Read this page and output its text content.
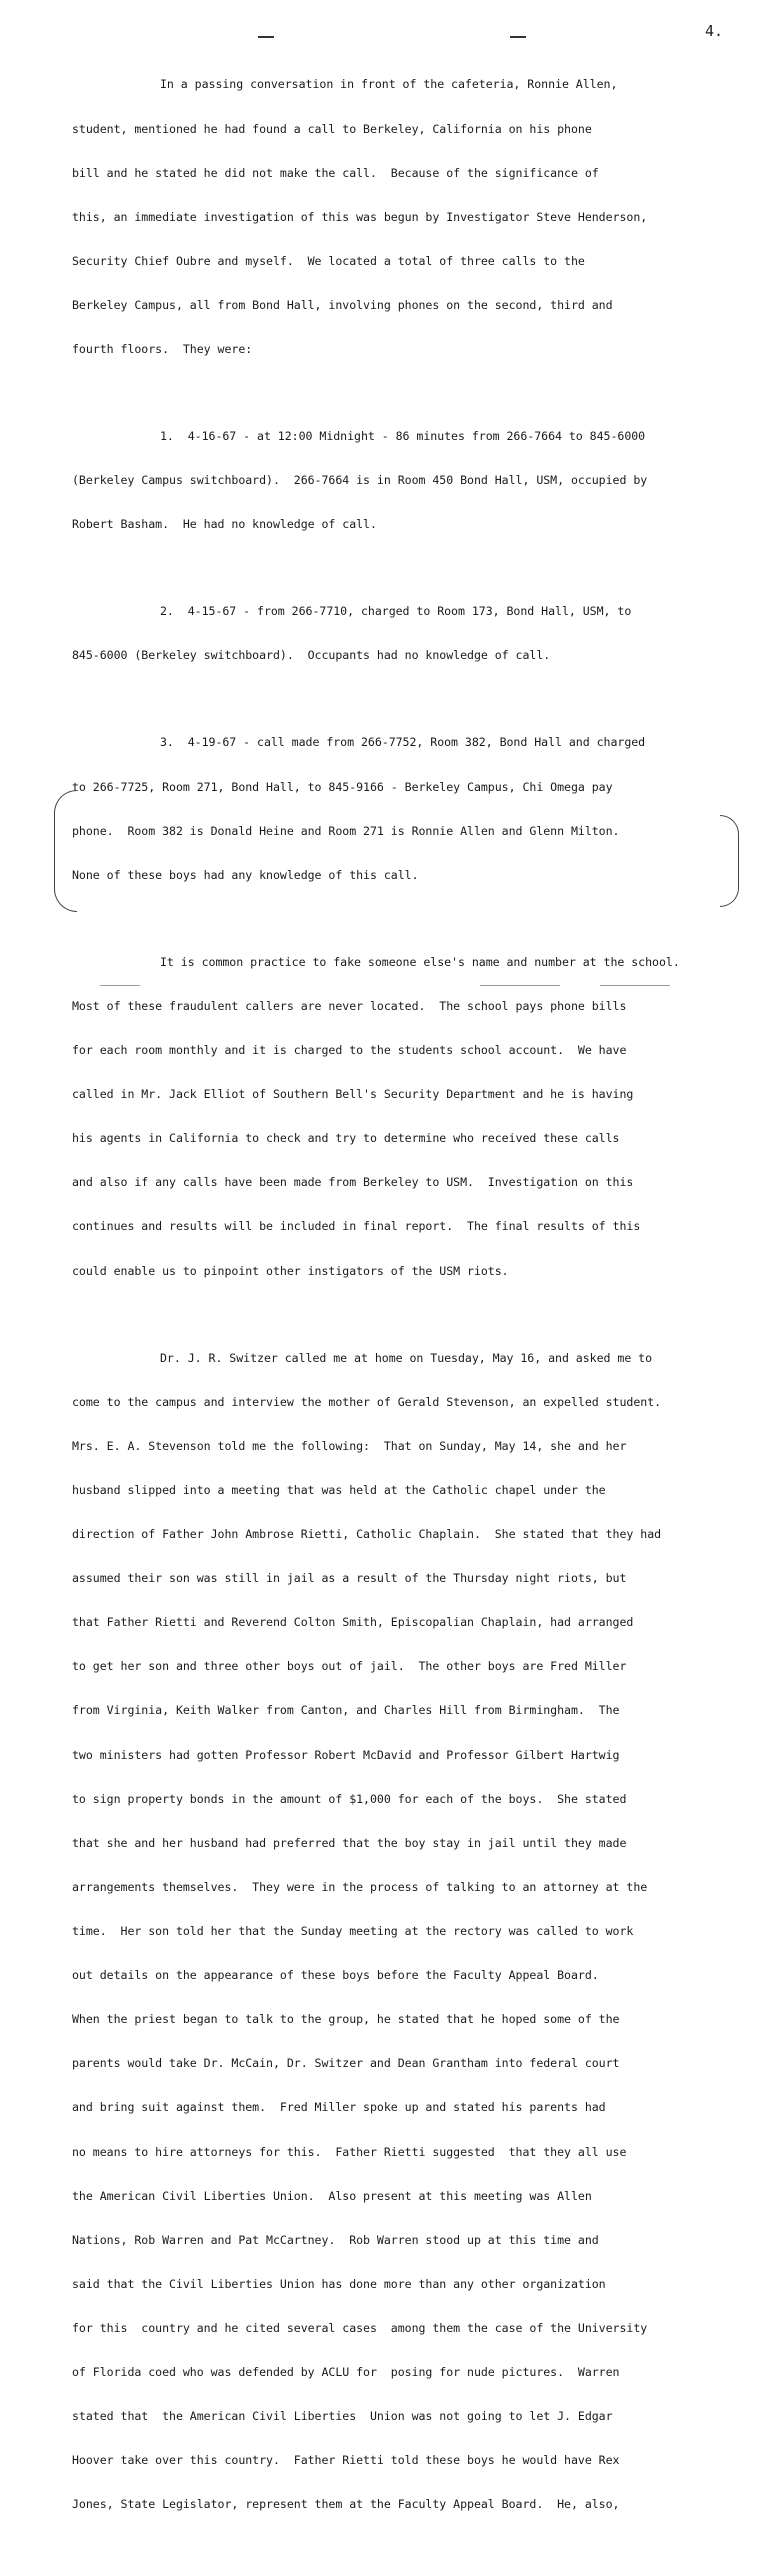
4.

In a passing conversation in front of the cafeteria, Ronnie Allen,

student, mentioned he had found a call to Berkeley, California on his phone

bill and he stated he did not make the call.  Because of the significance of

this, an immediate investigation of this was begun by Investigator Steve Henderson,

Security Chief Oubre and myself.  We located a total of three calls to the

Berkeley Campus, all from Bond Hall, involving phones on the second, third and

fourth floors.  They were:

1.  4-16-67 - at 12:00 Midnight - 86 minutes from 266-7664 to 845-6000

(Berkeley Campus switchboard).  266-7664 is in Room 450 Bond Hall, USM, occupied by

Robert Basham.  He had no knowledge of call.

2.  4-15-67 - from 266-7710, charged to Room 173, Bond Hall, USM, to

845-6000 (Berkeley switchboard).  Occupants had no knowledge of call.

3.  4-19-67 - call made from 266-7752, Room 382, Bond Hall and charged

to 266-7725, Room 271, Bond Hall, to 845-9166 - Berkeley Campus, Chi Omega pay

phone.  Room 382 is Donald Heine and Room 271 is Ronnie Allen and Glenn Milton.

None of these boys had any knowledge of this call.

It is common practice to fake someone else's name and number at the school.

Most of these fraudulent callers are never located.  The school pays phone bills

for each room monthly and it is charged to the students school account.  We have

called in Mr. Jack Elliot of Southern Bell's Security Department and he is having

his agents in California to check and try to determine who received these calls

and also if any calls have been made from Berkeley to USM.  Investigation on this

continues and results will be included in final report.  The final results of this

could enable us to pinpoint other instigators of the USM riots.

Dr. J. R. Switzer called me at home on Tuesday, May 16, and asked me to

come to the campus and interview the mother of Gerald Stevenson, an expelled student.

Mrs. E. A. Stevenson told me the following:  That on Sunday, May 14, she and her

husband slipped into a meeting that was held at the Catholic chapel under the

direction of Father John Ambrose Rietti, Catholic Chaplain.  She stated that they had

assumed their son was still in jail as a result of the Thursday night riots, but

that Father Rietti and Reverend Colton Smith, Episcopalian Chaplain, had arranged

to get her son and three other boys out of jail.  The other boys are Fred Miller

from Virginia, Keith Walker from Canton, and Charles Hill from Birmingham.  The

two ministers had gotten Professor Robert McDavid and Professor Gilbert Hartwig

to sign property bonds in the amount of $1,000 for each of the boys.  She stated

that she and her husband had preferred that the boy stay in jail until they made

arrangements themselves.  They were in the process of talking to an attorney at the

time.  Her son told her that the Sunday meeting at the rectory was called to work

out details on the appearance of these boys before the Faculty Appeal Board.

When the priest began to talk to the group, he stated that he hoped some of the

parents would take Dr. McCain, Dr. Switzer and Dean Grantham into federal court

and bring suit against them.  Fred Miller spoke up and stated his parents had

no means to hire attorneys for this.  Father Rietti suggested  that they all use

the American Civil Liberties Union.  Also present at this meeting was Allen

Nations, Rob Warren and Pat McCartney.  Rob Warren stood up at this time and

said that the Civil Liberties Union has done more than any other organization

for this  country and he cited several cases  among them the case of the University

of Florida coed who was defended by ACLU for  posing for nude pictures.  Warren

stated that  the American Civil Liberties  Union was not going to let J. Edgar

Hoover take over this country.  Father Rietti told these boys he would have Rex

Jones, State Legislator, represent them at the Faculty Appeal Board.  He, also,
